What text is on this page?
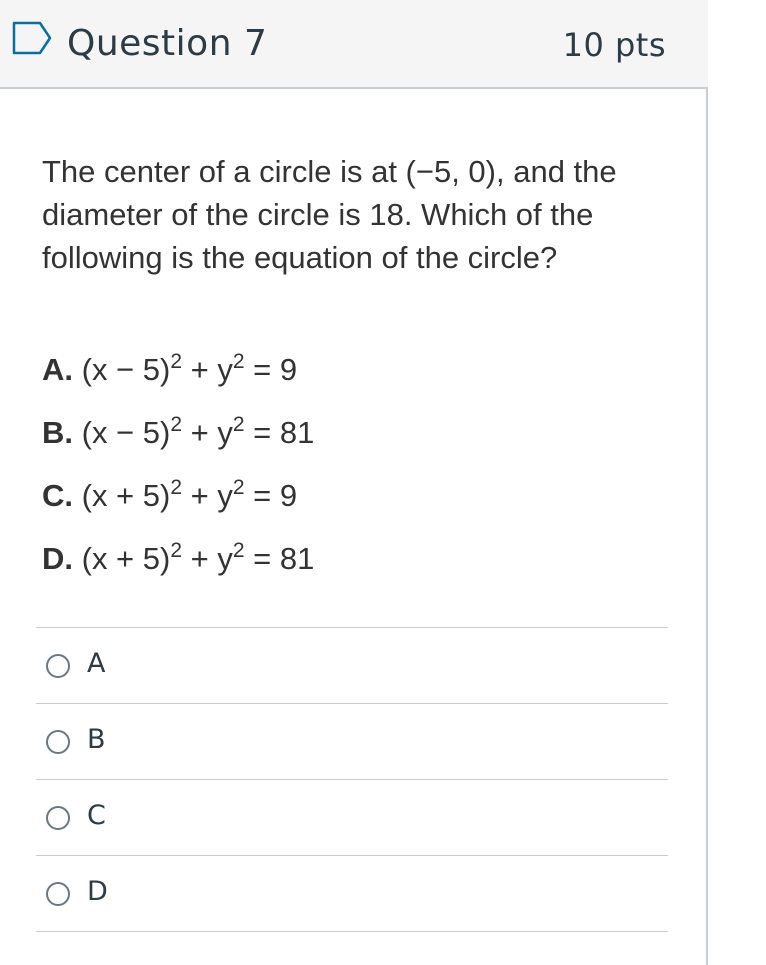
Question 7	10 pts
The center of a circle is at (−5, 0), and the diameter of the circle is 18. Which of the following is the equation of the circle?
A. $(x - 5)^2 + y^2 = 9$
B. $(x - 5)^2 + y^2 = 81$
C. $(x + 5)^2 + y^2 = 9$
D. $(x + 5)^2 + y^2 = 81$
A
B
C
D
